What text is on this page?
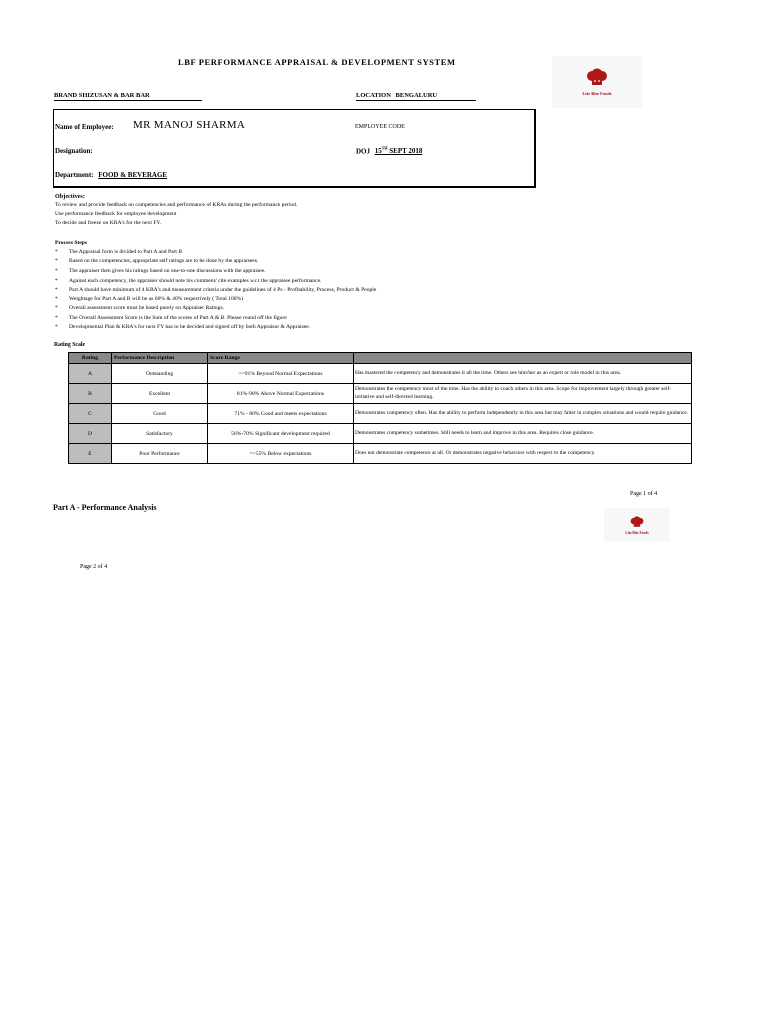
LBF PERFORMANCE APPRAISAL & DEVELOPMENT SYSTEM
BRAND SHIZUSAN & BAR BAR	LOCATION BENGALURU	Lite Bite Foods
Name of Employee: MR MANOJ SHARMA	EMPLOYEE CODE
Designation:	DOJ 15TH SEPT 2018
Department: FOOD & BEVERAGE
Objectives:
To review and provide feedback on competencies and performance of KRAs during the performance period.
Use performance feedback for employee development
To decide and freeze on KRA's for the next FY.
Process Steps
* The Appraisal form is divided to Part A and Part B
* Based on the competencies, appropriate self ratings are to be done by the appraisees.
* The appraiser then gives his ratings based on one-to-one discussions with the appraisee.
* Against each competency, the appraiser should note his comment/ cite examples w.r.t the appraisee performance.
* Part A should have minimum of 4 KRA's and measurement criteria under the guidelines of 4 Ps - Profitability, Process, Product & People
* Weightage for Part A and B will be as 60% & 40% respectively ( Total 100%)
* Overall assessment score must be based purely on Appraiser Ratings.
* The Overall Assessment Score is the Sum of the scores of Part A & B. Please round off the figure
* Developmental Plan & KRA's for next FY has to be decided and signed off by both Appraisor & Appraisee.
Rating Scale
Rating	Performance Description	Score Range	
A	Outstanding	>=91% Beyond Normal Expectations	Has mastered the competency and demonstrates it all the time. Others see him/her as an expert or role model in this area.
B	Excellent	81%-90% Above Normal Expectations	Demonstrates the competency most of the time. Has the ability to coach others in this area. Scope for improvement largely through greater self-initiative and self-directed learning.
C	Good	71% - 80% Good and meets expectations	Demonstrates competency often. Has the ability to perform independently in this area but may falter in complex situations and would require guidance.
D	Satisfactory	56%-70% Significant development required	Demonstrates competency sometimes. Still needs to learn and improve in this area. Requires close guidance.
E	Poor Performance	=<55% Below expectations	Does not demonstrate competence at all. Or demonstrates negative behaviors with respect to the competency.
Page 1 of 4
Part A - Performance Analysis
Lite Bite Foods
Page 2 of 4
